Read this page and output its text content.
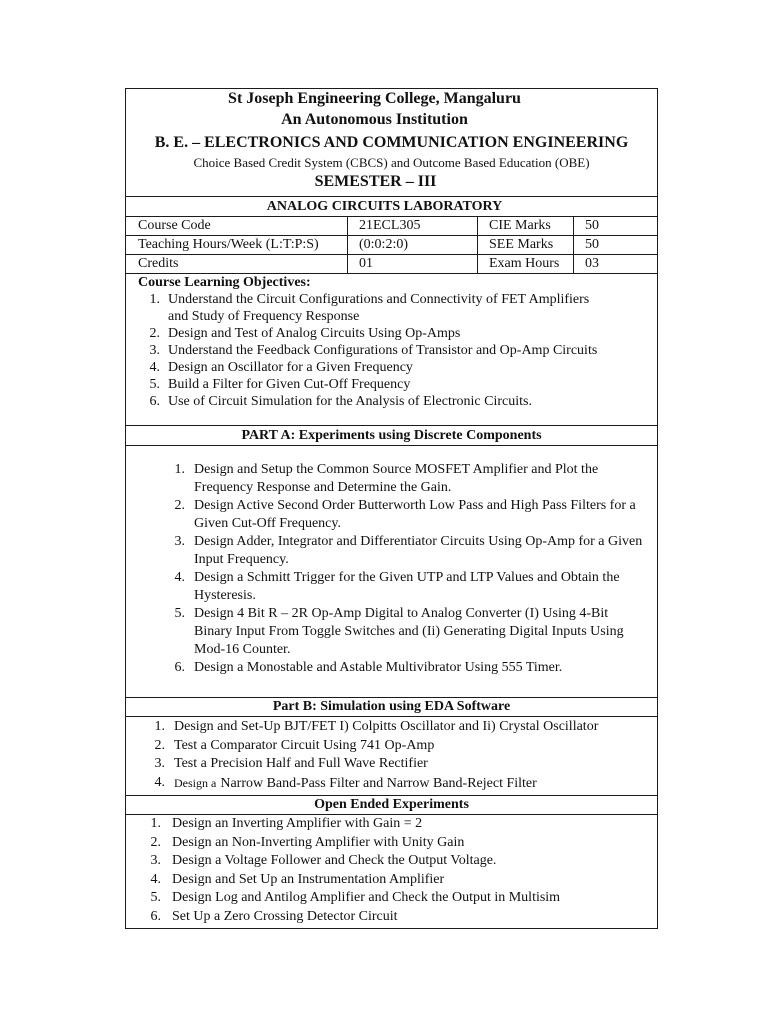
St Joseph Engineering College, Mangaluru
An Autonomous Institution
B. E. – ELECTRONICS AND COMMUNICATION ENGINEERING
Choice Based Credit System (CBCS) and Outcome Based Education (OBE)
SEMESTER – III
ANALOG CIRCUITS LABORATORY
Course Code	21ECL305	CIE Marks	50
Teaching Hours/Week (L:T:P:S)	(0:0:2:0)	SEE Marks	50
Credits	01	Exam Hours	03
Course Learning Objectives:
1. Understand the Circuit Configurations and Connectivity of FET Amplifiers
and Study of Frequency Response
2. Design and Test of Analog Circuits Using Op-Amps
3. Understand the Feedback Configurations of Transistor and Op-Amp Circuits
4. Design an Oscillator for a Given Frequency
5. Build a Filter for Given Cut-Off Frequency
6. Use of Circuit Simulation for the Analysis of Electronic Circuits.
PART A: Experiments using Discrete Components
1. Design and Setup the Common Source MOSFET Amplifier and Plot the
Frequency Response and Determine the Gain.
2. Design Active Second Order Butterworth Low Pass and High Pass Filters for a
Given Cut-Off Frequency.
3. Design Adder, Integrator and Differentiator Circuits Using Op-Amp for a Given
Input Frequency.
4. Design a Schmitt Trigger for the Given UTP and LTP Values and Obtain the
Hysteresis.
5. Design 4 Bit R – 2R Op-Amp Digital to Analog Converter (I) Using 4-Bit
Binary Input From Toggle Switches and (Ii) Generating Digital Inputs Using
Mod-16 Counter.
6. Design a Monostable and Astable Multivibrator Using 555 Timer.
Part B: Simulation using EDA Software
1. Design and Set-Up BJT/FET I) Colpitts Oscillator and Ii) Crystal Oscillator
2. Test a Comparator Circuit Using 741 Op-Amp
3. Test a Precision Half and Full Wave Rectifier
4. Design a Narrow Band-Pass Filter and Narrow Band-Reject Filter
Open Ended Experiments
1. Design an Inverting Amplifier with Gain = 2
2. Design an Non-Inverting Amplifier with Unity Gain
3. Design a Voltage Follower and Check the Output Voltage.
4. Design and Set Up an Instrumentation Amplifier
5. Design Log and Antilog Amplifier and Check the Output in Multisim
6. Set Up a Zero Crossing Detector Circuit
